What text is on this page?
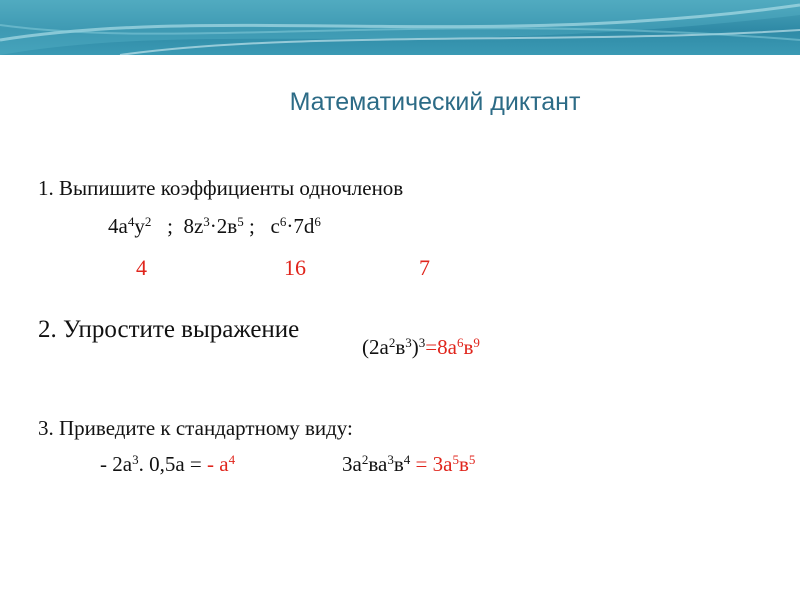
Математический диктант
1. Выпишите коэффициенты одночленов
$4а^4у^2$   ;  $8z^3\cdot 2в^5$ ;   $с^6\cdot 7d^6$
4	16	7
2. Упростите выражение
$(2а^2в^3)^3=8а^6в^9$
3. Приведите к стандартному виду:
- $2а^3$. 0,5а = - $а^4$	$3а^2ва^3в^4 = 3а^5в^5$
